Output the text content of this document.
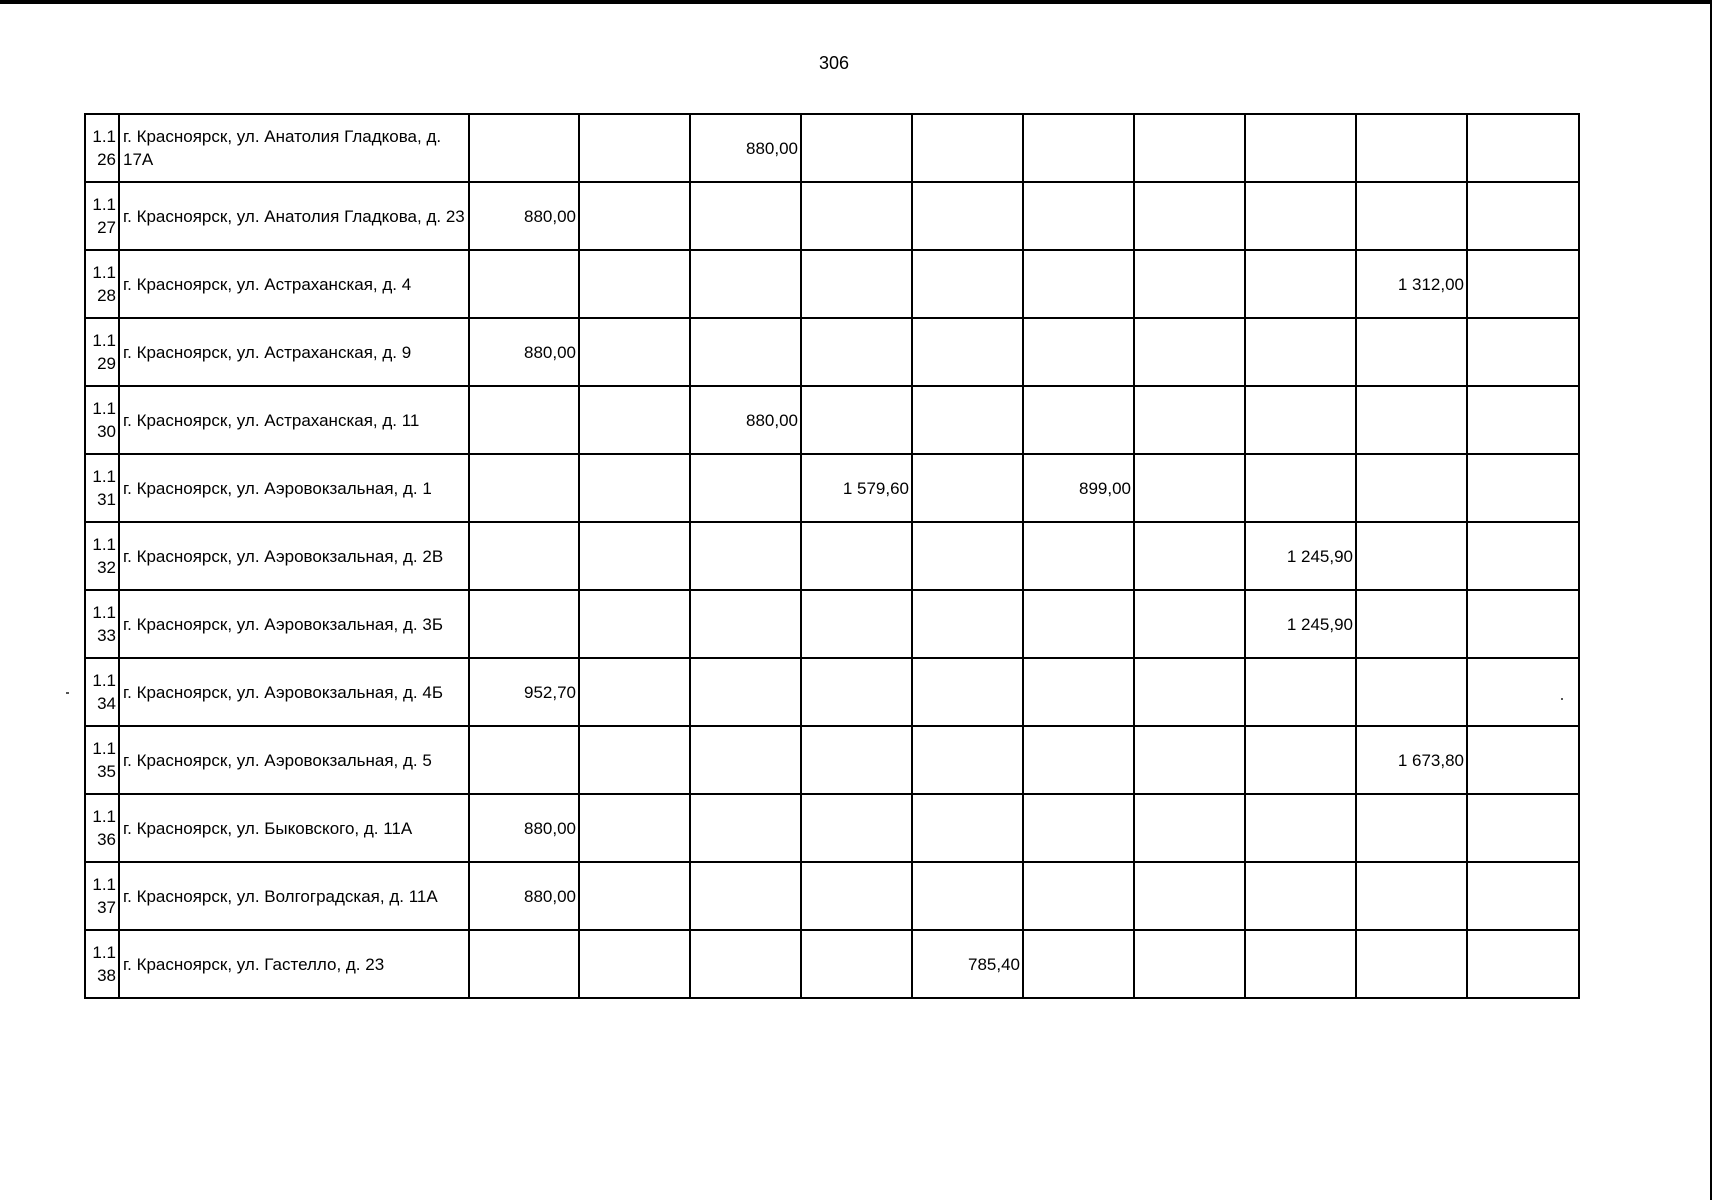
306
1.1 26	г. Красноярск, ул. Анатолия Гладкова, д. 17А			880,00							
1.1 27	г. Красноярск, ул. Анатолия Гладкова, д. 23	880,00									
1.1 28	г. Красноярск, ул. Астраханская, д. 4									1 312,00	
1.1 29	г. Красноярск, ул. Астраханская, д. 9	880,00									
1.1 30	г. Красноярск, ул. Астраханская, д. 11			880,00							
1.1 31	г. Красноярск, ул. Аэровокзальная, д. 1				1 579,60		899,00				
1.1 32	г. Красноярск, ул. Аэровокзальная, д. 2В								1 245,90		
1.1 33	г. Красноярск, ул. Аэровокзальная, д. 3Б								1 245,90		
1.1 34	г. Красноярск, ул. Аэровокзальная, д. 4Б	952,70									
1.1 35	г. Красноярск, ул. Аэровокзальная, д. 5									1 673,80	
1.1 36	г. Красноярск, ул. Быковского, д. 11А	880,00									
1.1 37	г. Красноярск, ул. Волгоградская, д. 11А	880,00									
1.1 38	г. Красноярск, ул. Гастелло, д. 23					785,40					
